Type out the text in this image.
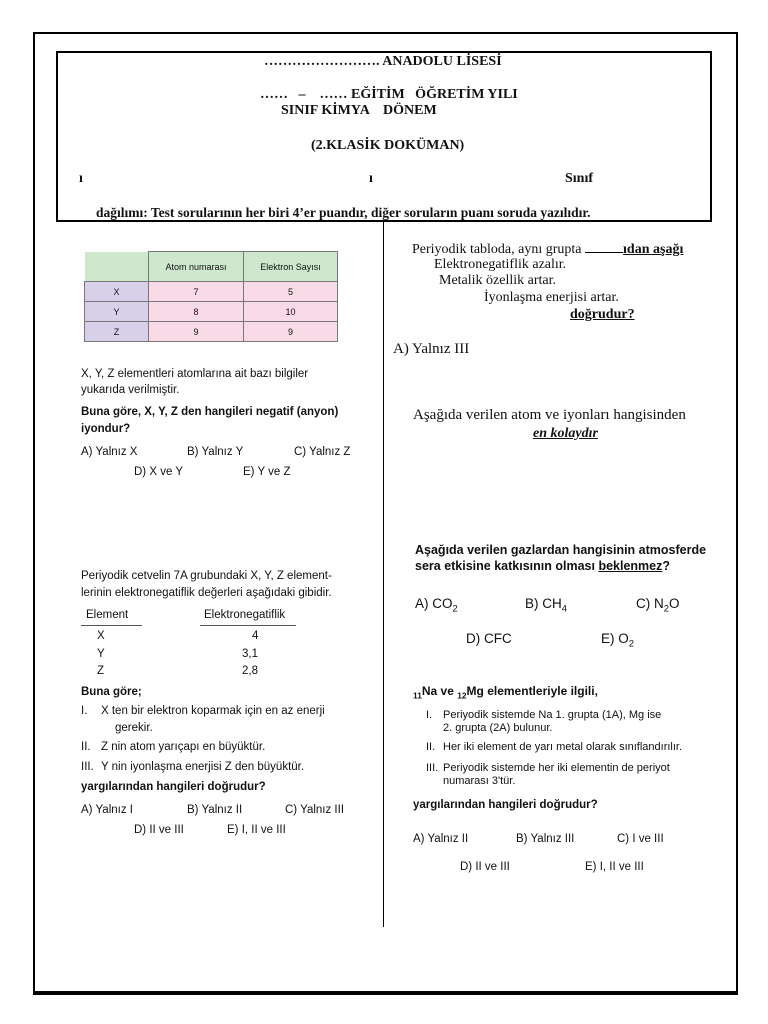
……………………. ANADOLU LİSESİ
……   –    …… EĞİTİM   ÖĞRETİM YILI
SINIF KİMYA    DÖNEM
(2.KLASİK DOKÜMAN)
ı	ı	Sınıf
dağılımı: Test sorularının her biri 4’er puandır, diğer soruların puanı soruda yazılıdır.
	Atom numarası	Elektron Sayısı
X	7	5
Y	8	10
Z	9	9
X, Y, Z elementleri atomlarına ait bazı bilgiler
yukarıda verilmiştir.
Buna göre, X, Y, Z den hangileri negatif (anyon)
iyondur?
A) Yalnız X	B) Yalnız Y	C) Yalnız Z
D) X ve Y	E) Y ve Z
Periyodik cetvelin 7A grubundaki X, Y, Z element-
lerinin elektronegatiflik değerleri aşağıdaki gibidir.
Element	Elektronegatiflik
X	4
Y	3,1
Z	2,8
Buna göre;
I. X ten bir elektron koparmak için en az enerji
gerekir.
II. Z nin atom yarıçapı en büyüktür.
III. Y nin iyonlaşma enerjisi Z den büyüktür.
yargılarından hangileri doğrudur?
A) Yalnız I	B) Yalnız II	C) Yalnız III
D) II ve III	E) I, II ve III
Periyodik tabloda, aynı grupta	ıdan aşağı
Elektronegatiflik azalır.
Metalik özellik artar.
İyonlaşma enerjisi artar.
doğrudur?
A) Yalnız III
Aşağıda verilen atom ve iyonları hangisinden
en kolaydır
Aşağıda verilen gazlardan hangisinin atmosferde
sera etkisine katkısının olması beklenmez?
A) $CO_2$	B) $CH_4$	C) $N_2O$
D) CFC	E) $O_2$
$_{11}$Na ve $_{12}$Mg elementleriyle ilgili,
I. Periyodik sistemde Na 1. grupta (1A), Mg ise
2. grupta (2A) bulunur.
II. Her iki element de yarı metal olarak sınıflandırılır.
III. Periyodik sistemde her iki elementin de periyot
numarası 3'tür.
yargılarından hangileri doğrudur?
A) Yalnız II	B) Yalnız III	C) I ve III
D) II ve III	E) I, II ve III
